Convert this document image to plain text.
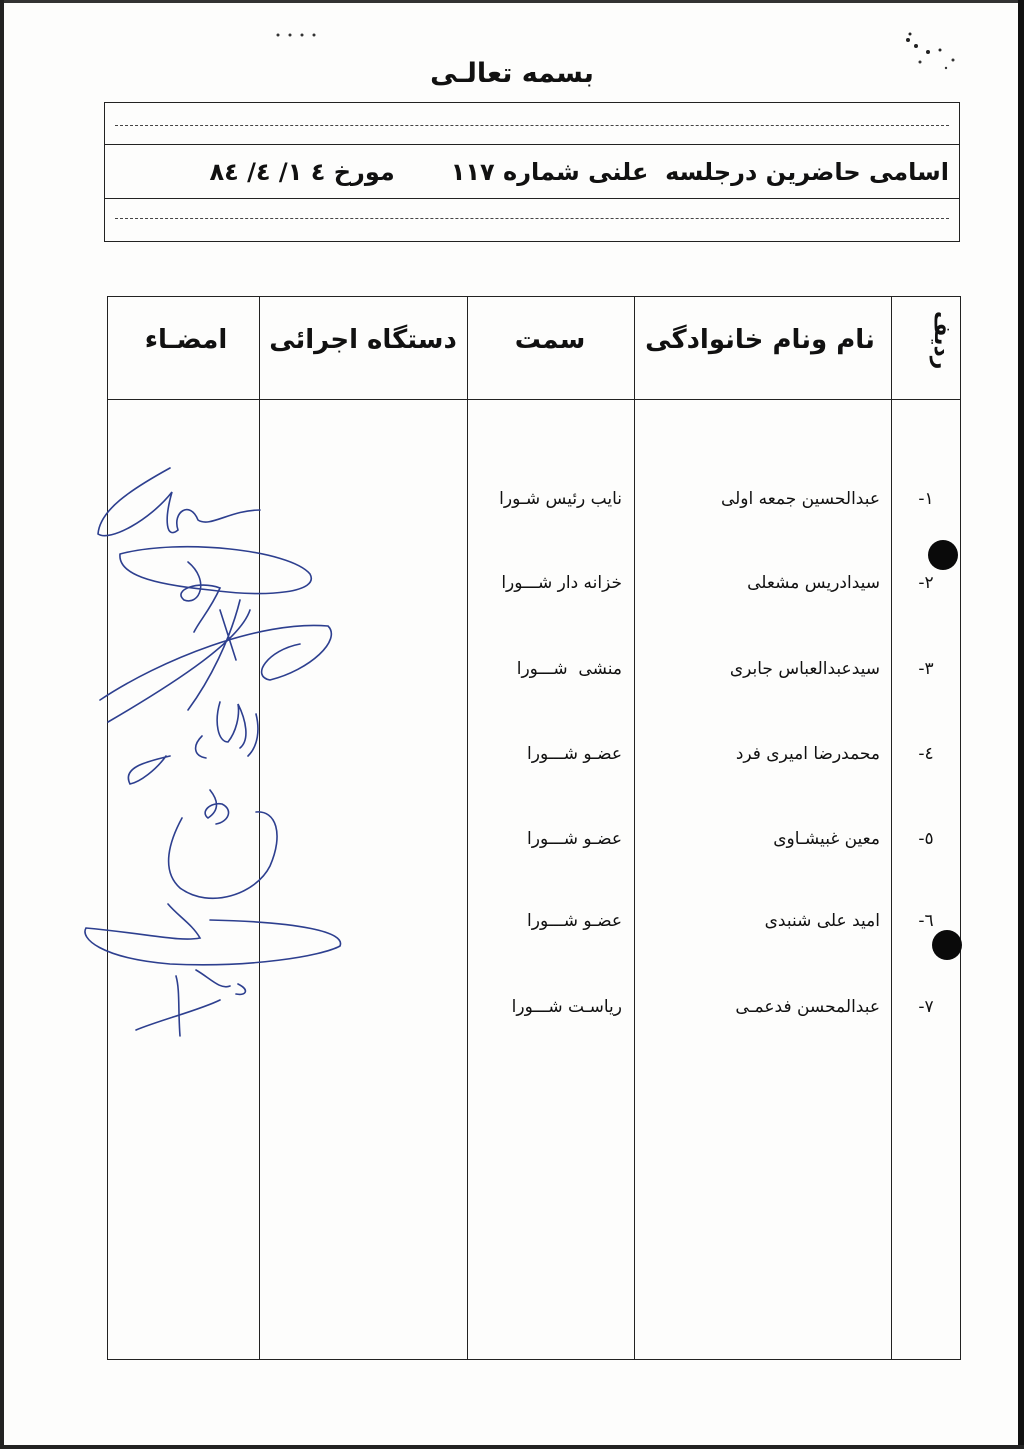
بسمه تعالـی
اسامی حاضرین درجلسه  علنی شماره ۱۱۷
مورخ ٤ ١/ ٤/ ٨٤
ردیف
نام ونام خانوادگی
سمت
دستگاه اجرائی
امضـاء
١-
عبدالحسین جمعه اولی
نایب رئیس شـورا
٢-
سیدادریس مشعلی
خزانه دار شـــورا
٣-
سیدعبدالعباس جابری
منشی  شـــورا
٤-
محمدرضا امیری فرد
عضـو شـــورا
٥-
معین غبیشـاوی
عضـو شـــورا
٦-
امید علی شنبدی
عضـو شـــورا
٧-
عبدالمحسن فدعمـی
ریاسـت شـــورا
